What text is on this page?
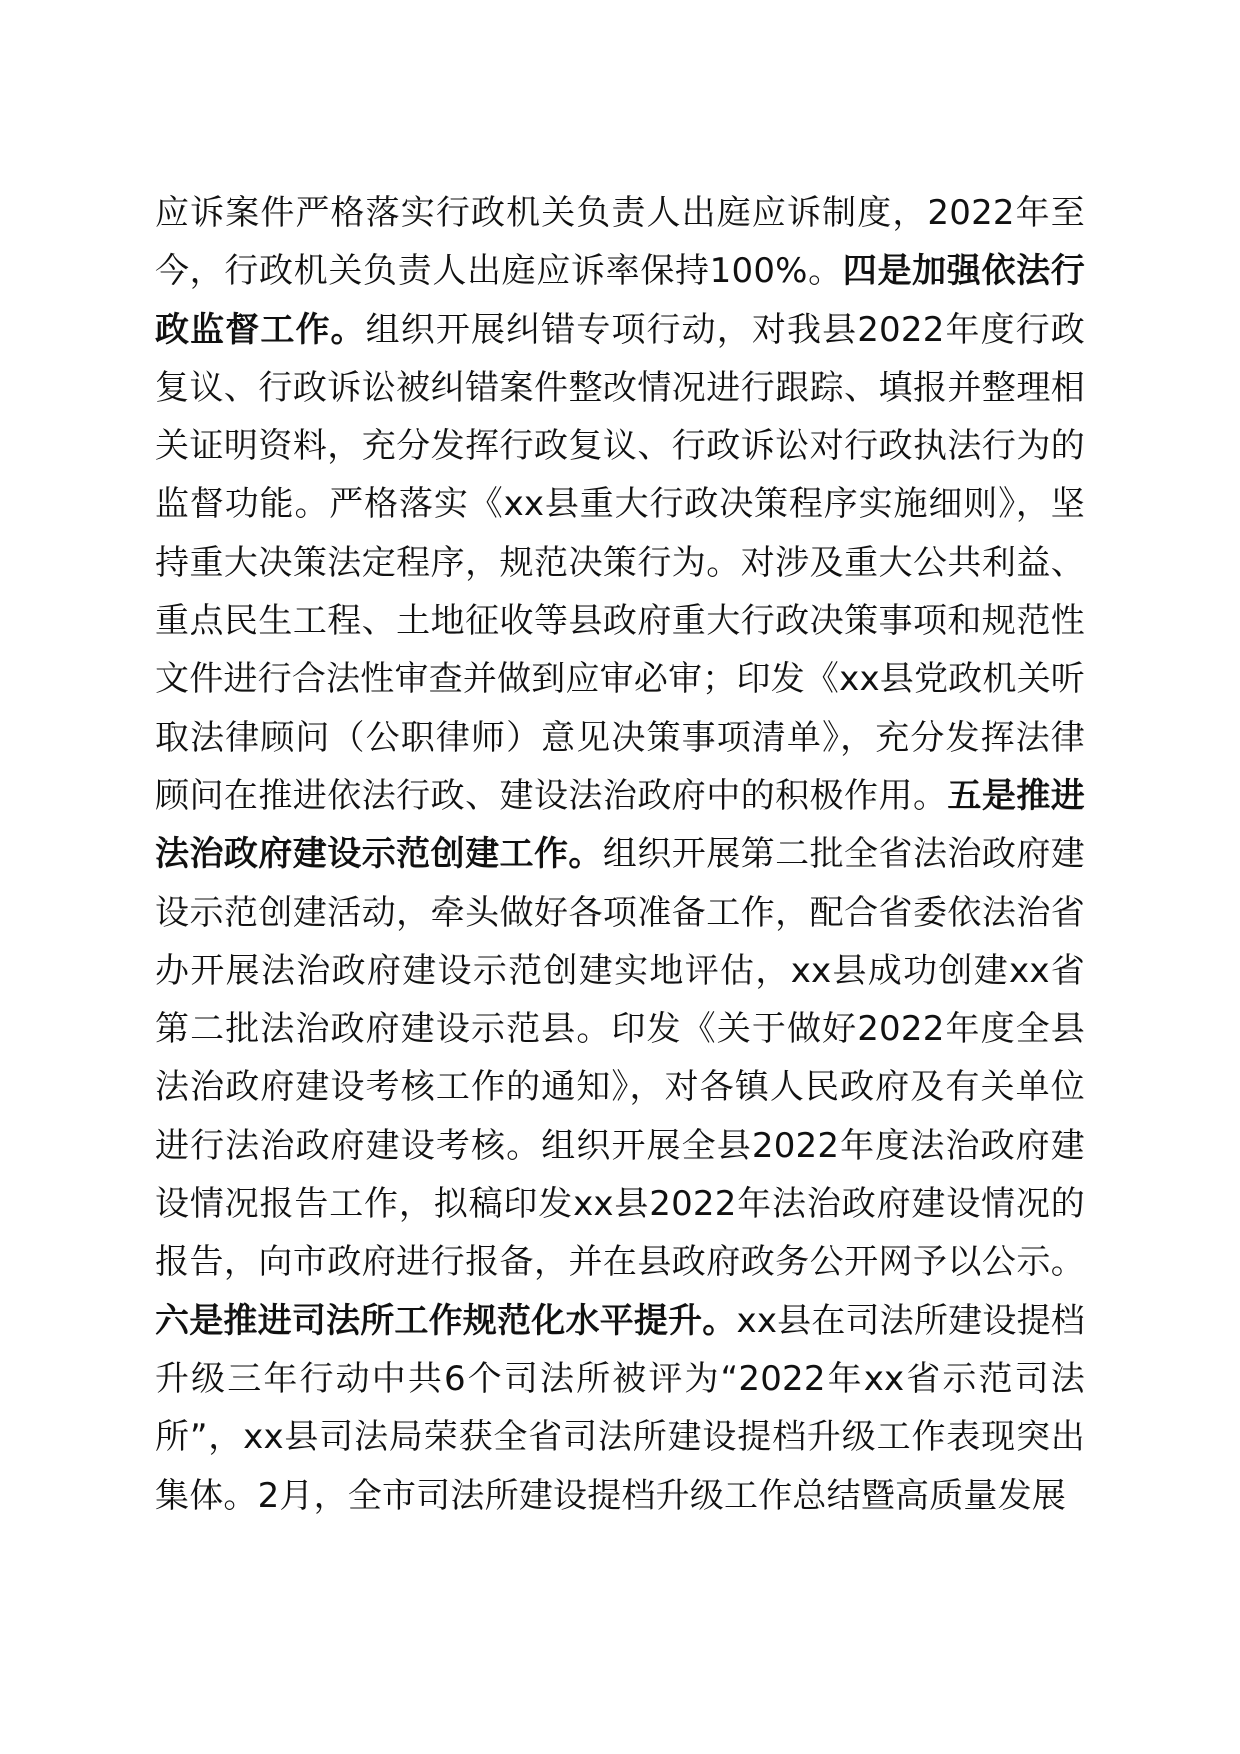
应诉案件严格落实行政机关负责人出庭应诉制度，2022年至今，行政机关负责人出庭应诉率保持100%。四是加强依法行政监督工作。组织开展纠错专项行动，对我县2022年度行政复议、行政诉讼被纠错案件整改情况进行跟踪、填报并整理相关证明资料，充分发挥行政复议、行政诉讼对行政执法行为的监督功能。严格落实《xx县重大行政决策程序实施细则》，坚持重大决策法定程序，规范决策行为。对涉及重大公共利益、重点民生工程、土地征收等县政府重大行政决策事项和规范性文件进行合法性审查并做到应审必审；印发《xx县党政机关听取法律顾问（公职律师）意见决策事项清单》，充分发挥法律顾问在推进依法行政、建设法治政府中的积极作用。五是推进法治政府建设示范创建工作。组织开展第二批全省法治政府建设示范创建活动，牵头做好各项准备工作，配合省委依法治省办开展法治政府建设示范创建实地评估，xx县成功创建xx省第二批法治政府建设示范县。印发《关于做好2022年度全县法治政府建设考核工作的通知》，对各镇人民政府及有关单位进行法治政府建设考核。组织开展全县2022年度法治政府建设情况报告工作，拟稿印发xx县2022年法治政府建设情况的报告，向市政府进行报备，并在县政府政务公开网予以公示。六是推进司法所工作规范化水平提升。xx县在司法所建设提档升级三年行动中共6个司法所被评为“2022年xx省示范司法所”，xx县司法局荣获全省司法所建设提档升级工作表现突出集体。2月，全市司法所建设提档升级工作总结暨高质量发展
